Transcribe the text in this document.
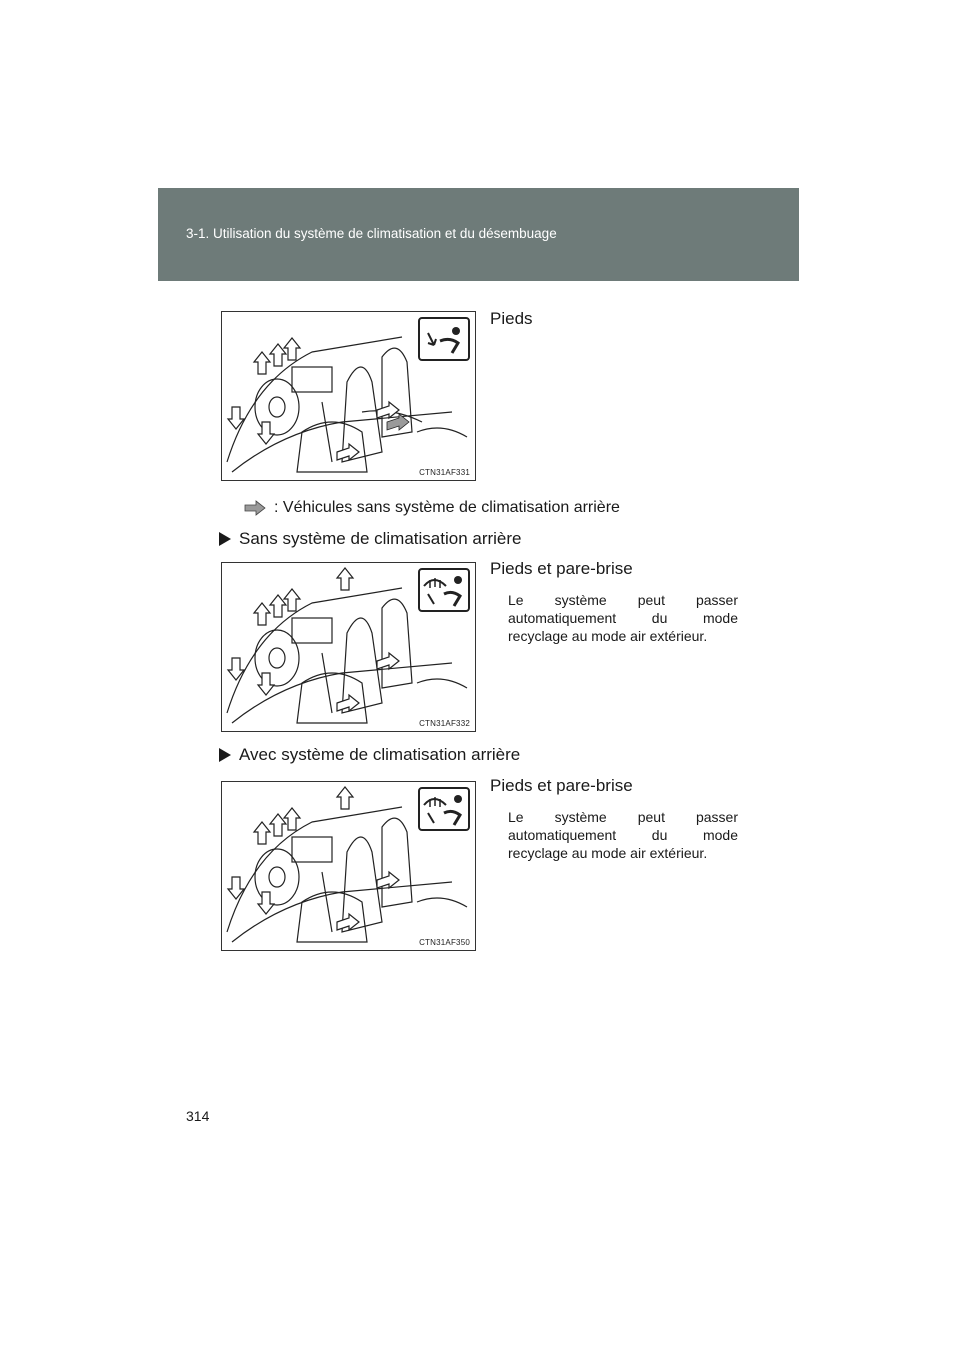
3-1. Utilisation du système de climatisation et du désembuage
CTN31AF331
Pieds
: Véhicules sans système de climatisation arrière
Sans système de climatisation arrière
CTN31AF332
Pieds et pare-brise
Le système peut passer automatiquement du mode recyclage au mode air extérieur.
Avec système de climatisation arrière
CTN31AF350
Pieds et pare-brise
Le système peut passer automatiquement du mode recyclage au mode air extérieur.
314
